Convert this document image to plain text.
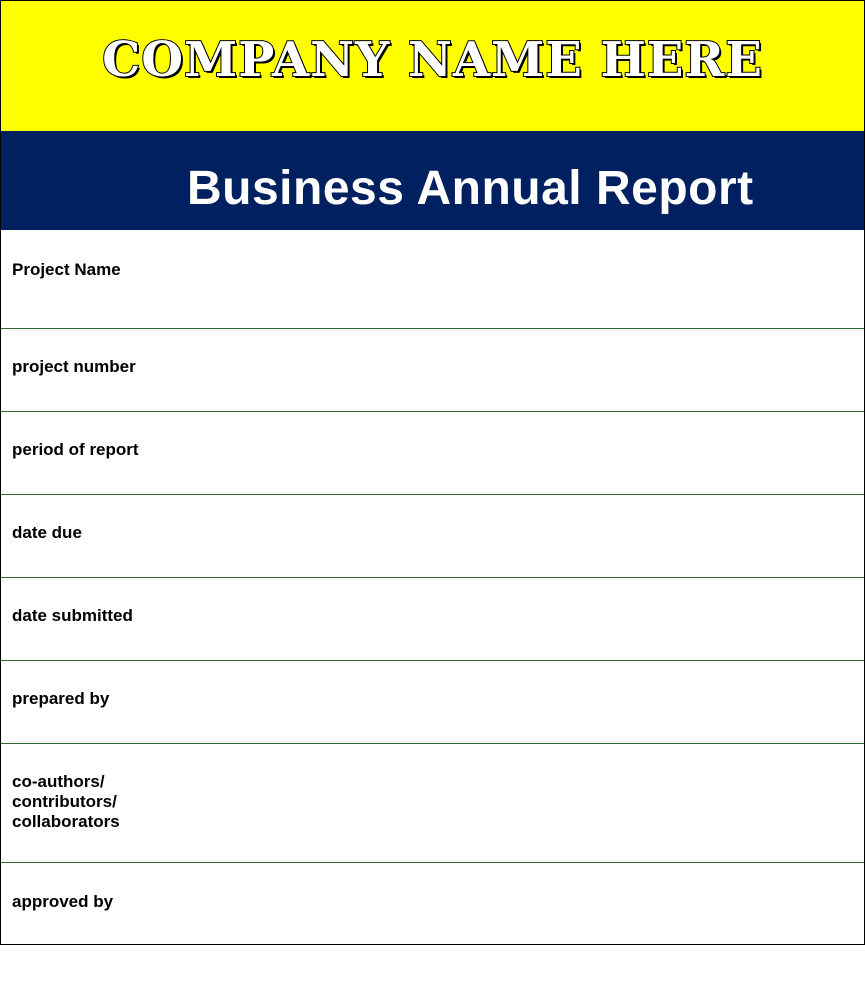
COMPANY NAME HERE
Business Annual Report
Project Name
project number
period of report
date due
date submitted
prepared by
co-authors/
contributors/
collaborators
approved by
